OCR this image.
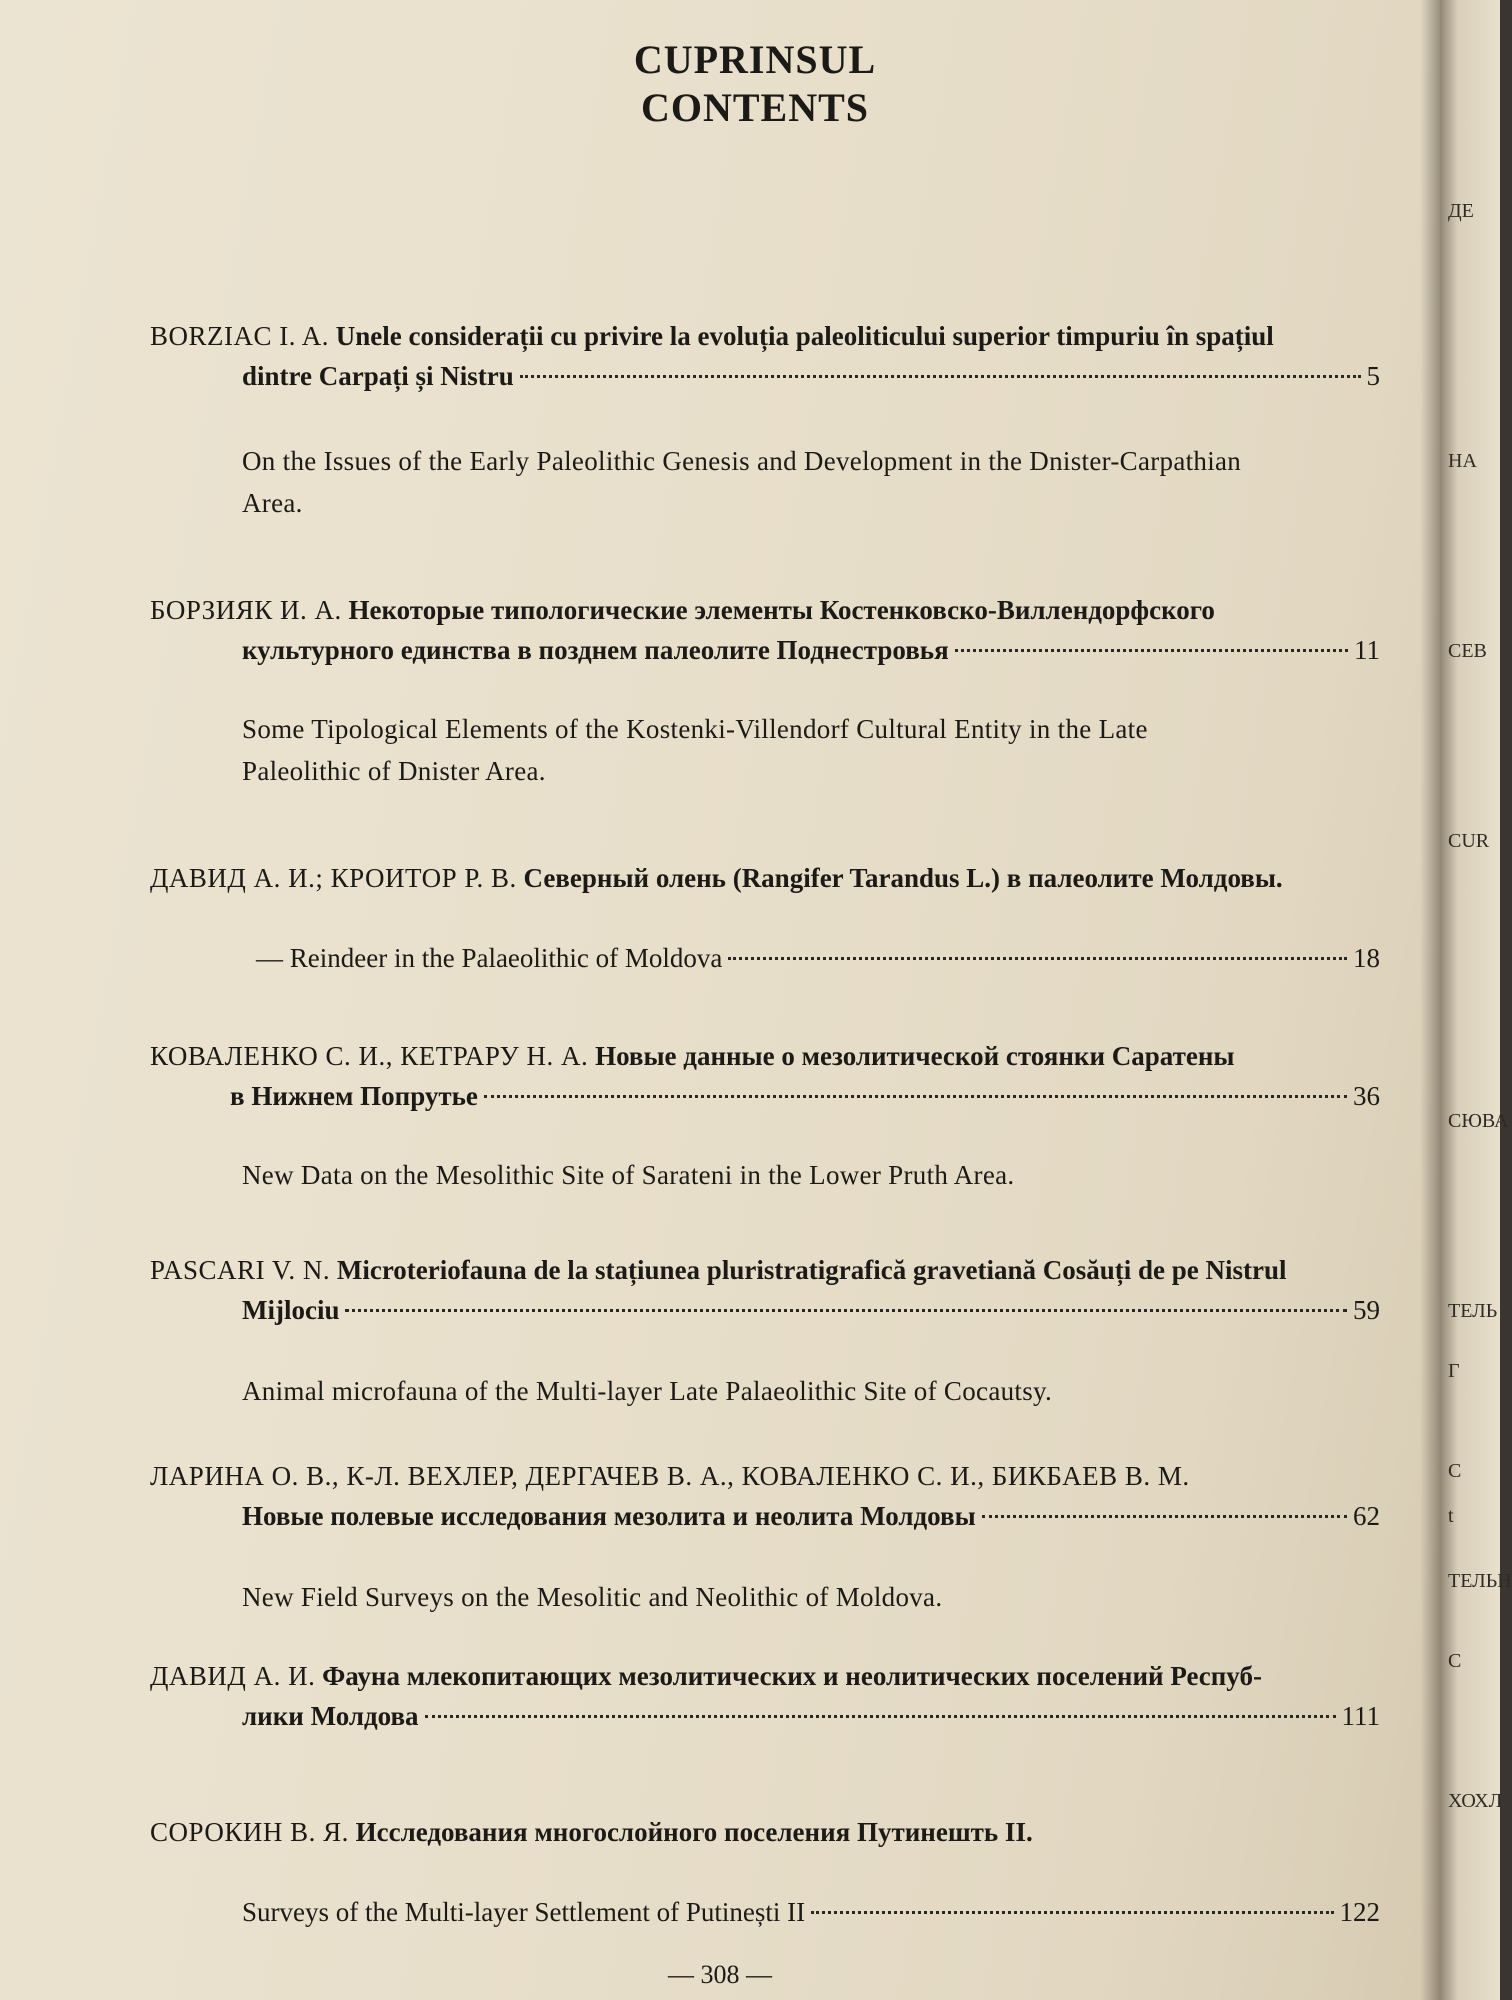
CUPRINSUL
CONTENTS
BORZIAC I. A. Unele considerații cu privire la evoluția paleoliticului superior timpuriu în spațiul
dintre Carpați și Nistru	5
On the Issues of the Early Paleolithic Genesis and Development in the Dnister-Carpathian
Area.
БОРЗИЯК И. А. Некоторые типологические элементы Костенковско-Виллендорфского
культурного единства в позднем палеолите Поднестровья	11
Some Tipological Elements of the Kostenki-Villendorf Cultural Entity in the Late
Paleolithic of Dnister Area.
ДАВИД А. И.; КРОИТОР Р. В. Северный олень (Rangifer Tarandus L.) в палеолите Молдовы.
— Reindeer in the Palaeolithic of Moldova	18
КОВАЛЕНКО С. И., КЕТРАРУ Н. А. Новые данные о мезолитической стоянки Саратены
в Нижнем Попрутье	36
New Data on the Mesolithic Site of Sarateni in the Lower Pruth Area.
PASCARI V. N. Microteriofauna de la stațiunea pluristratigrafică gravetiană Cosăuți de pe Nistrul
Mijlociu	59
Animal microfauna of the Multi-layer Late Palaeolithic Site of Cocautsy.
ЛАРИНА О. В., К-Л. ВЕХЛЕР, ДЕРГАЧЕВ В. А., КОВАЛЕНКО С. И., БИКБАЕВ В. М.
Новые полевые исследования мезолита и неолита Молдовы	62
New Field Surveys on the Mesolitic and Neolithic of Moldova.
ДАВИД А. И. Фауна млекопитающих мезолитических и неолитических поселений Респуб-
лики Молдова	111
СОРОКИН В. Я. Исследования многослойного поселения Путинешть II.
Surveys of the Multi-layer Settlement of Putinești II	122
— 308 —
ДЕ
НА
СЕВ
CUR
СЮВА
ТЕЛЬ
Г
С
t
ТЕЛЬН
С
ХОХЛ
